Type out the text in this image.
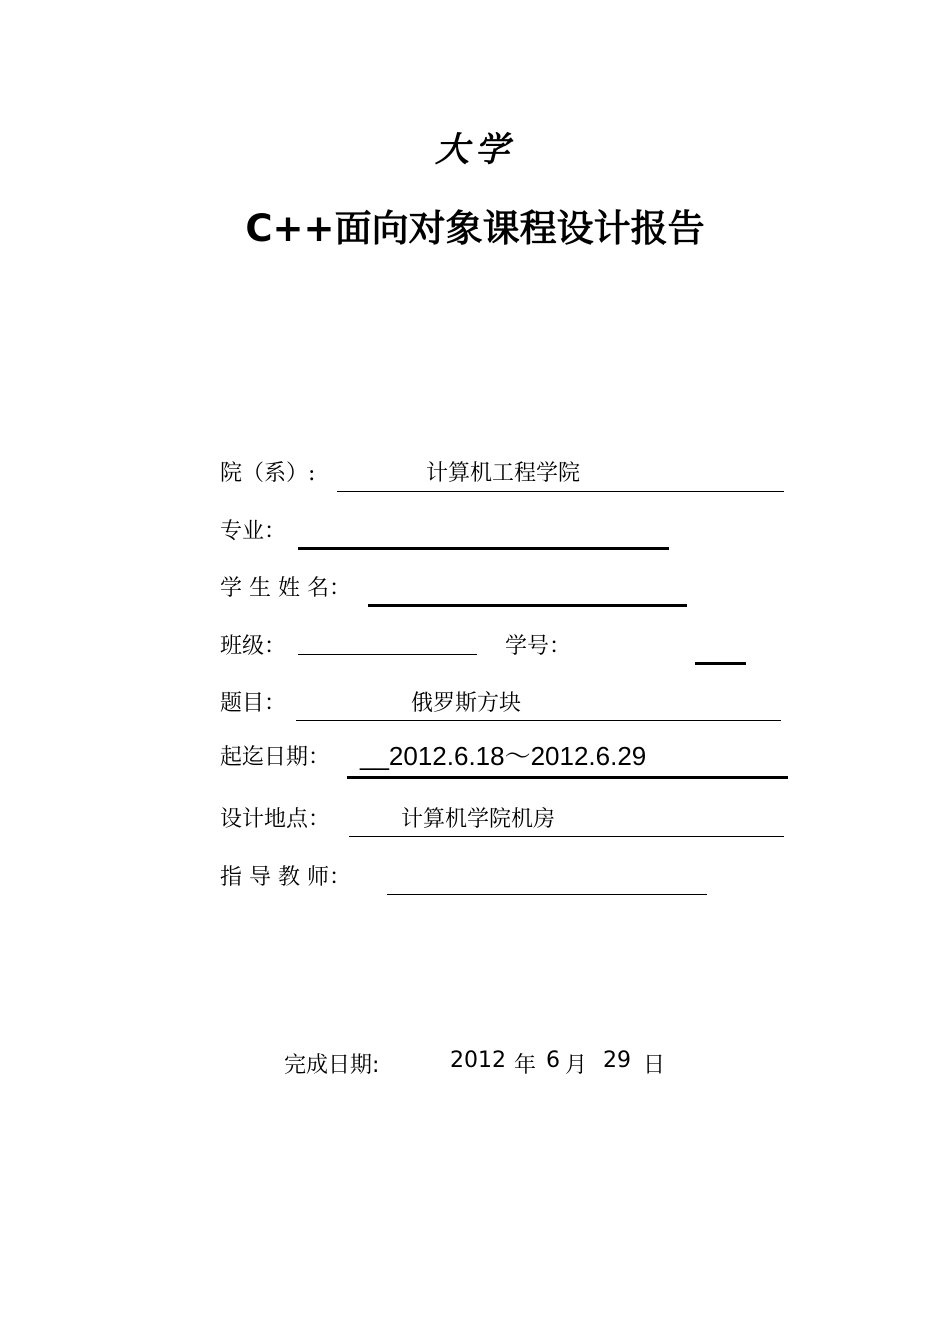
大学
C++面向对象课程设计报告
院（系）:	计算机工程学院
专业：
学 生 姓 名：
班级：	学号：
题目：	俄罗斯方块
起迄日期： __2012.6.18～2012.6.29
设计地点：	计算机学院机房
指 导 教 师：
完成日期:	2012 年 6 月 29 日
